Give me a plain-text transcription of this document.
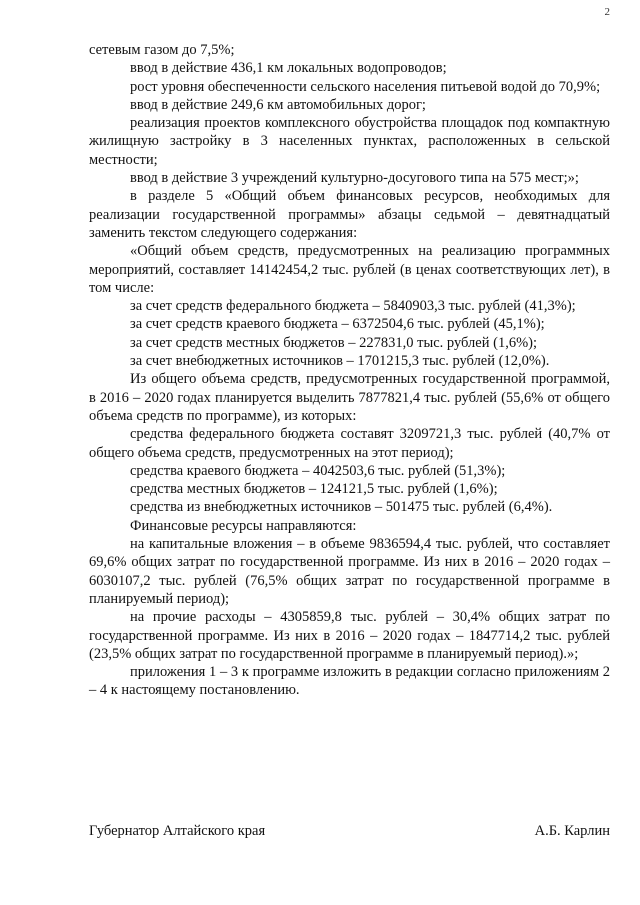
2

сетевым газом до 7,5%;

ввод в действие 436,1 км локальных водопроводов;

рост уровня обеспеченности сельского населения питьевой водой до 70,9%;

ввод в действие 249,6 км автомобильных дорог;

реализация проектов комплексного обустройства площадок под компактную жилищную застройку в 3 населенных пунктах, расположенных в сельской местности;

ввод в действие 3 учреждений культурно-досугового типа на 575 мест;»;

в разделе 5 «Общий объем финансовых ресурсов, необходимых для реализации государственной программы» абзацы седьмой – девятнадцатый заменить текстом следующего содержания:

«Общий объем средств, предусмотренных на реализацию программных мероприятий, составляет 14142454,2 тыс. рублей (в ценах соответствующих лет), в том числе:

за счет средств федерального бюджета – 5840903,3 тыс. рублей (41,3%);

за счет средств краевого бюджета – 6372504,6 тыс. рублей (45,1%);

за счет средств местных бюджетов – 227831,0 тыс. рублей (1,6%);

за счет внебюджетных источников – 1701215,3 тыс. рублей (12,0%).

Из общего объема средств, предусмотренных государственной программой, в 2016 – 2020 годах планируется выделить 7877821,4 тыс. рублей (55,6% от общего объема средств по программе), из которых:

средства федерального бюджета составят 3209721,3 тыс. рублей (40,7% от общего объема средств, предусмотренных на этот период);

средства краевого бюджета – 4042503,6 тыс. рублей (51,3%);

средства местных бюджетов – 124121,5 тыс. рублей (1,6%);

средства из внебюджетных источников – 501475 тыс. рублей (6,4%).

Финансовые ресурсы направляются:

на капитальные вложения – в объеме 9836594,4 тыс. рублей, что составляет 69,6% общих затрат по государственной программе. Из них в 2016 – 2020 годах – 6030107,2 тыс. рублей (76,5% общих затрат по государственной программе в планируемый период);

на прочие расходы – 4305859,8 тыс. рублей – 30,4% общих затрат по государственной программе. Из них в 2016 – 2020 годах – 1847714,2 тыс. рублей (23,5% общих затрат по государственной программе в планируемый период).»;

приложения 1 – 3 к программе изложить в редакции согласно приложениям 2 – 4 к настоящему постановлению.

Губернатор Алтайского края	А.Б. Карлин
